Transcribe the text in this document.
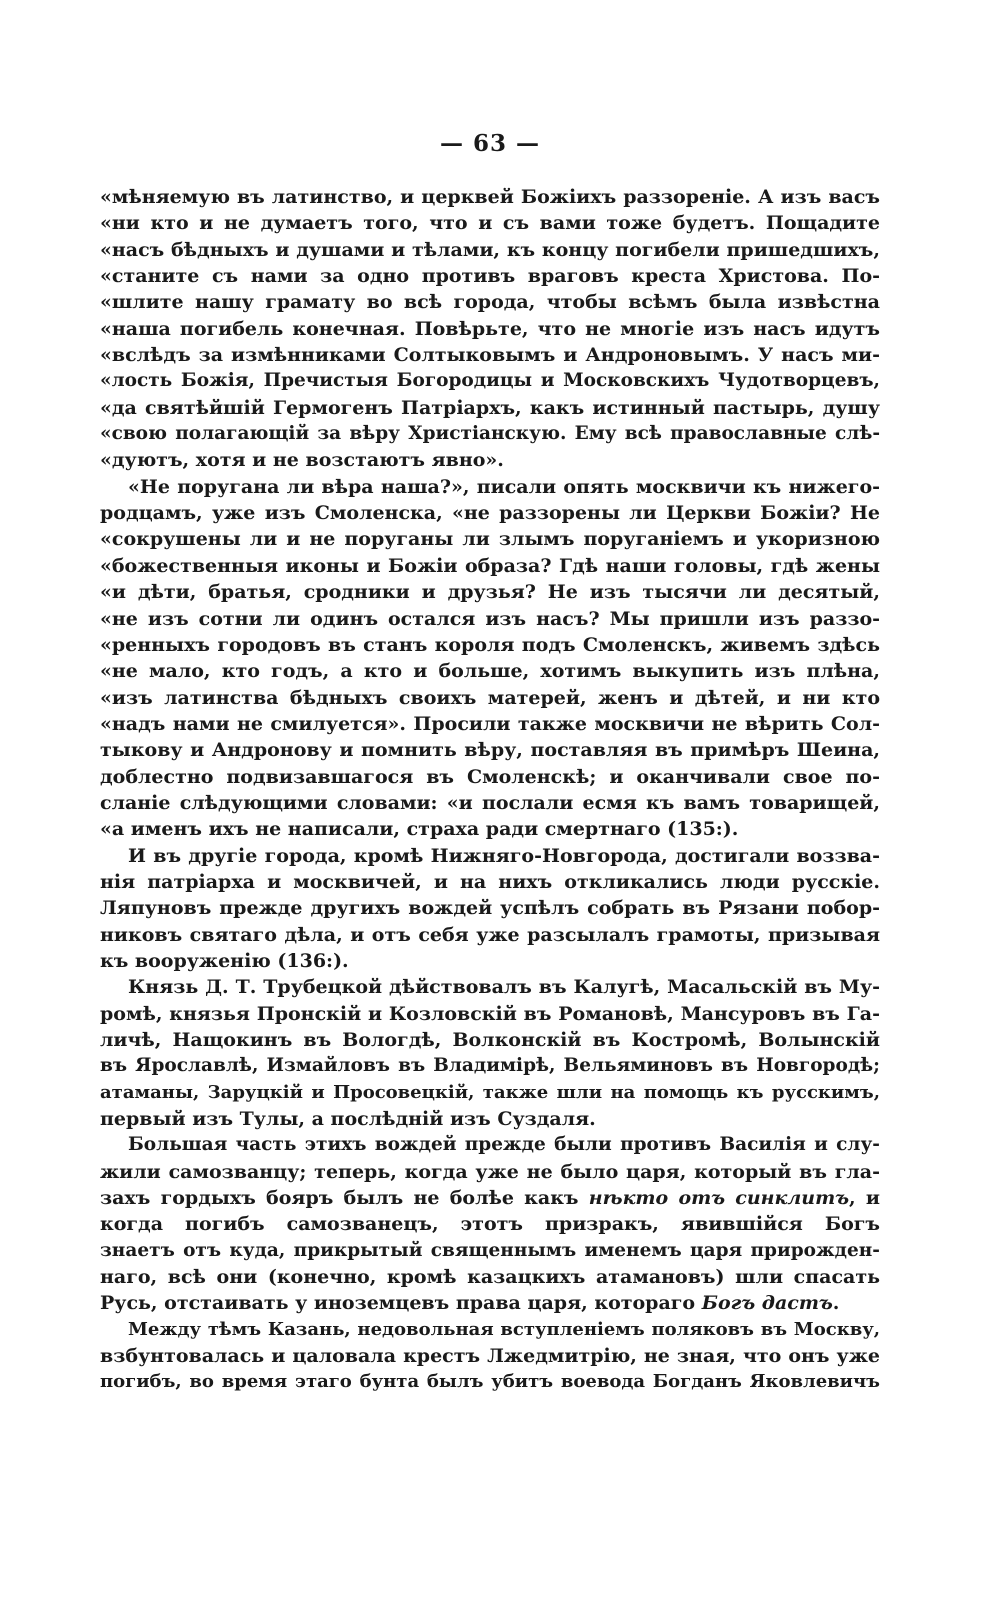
— 63 —
«мѣняемую въ латинство, и церквей Божіихъ раззореніе. А изъ васъ
«ни кто и не думаетъ того, что и съ вами тоже будетъ. Пощадите
«насъ бѣдныхъ и душами и тѣлами, къ концу погибели пришедшихъ,
«станите съ нами за одно противъ враговъ креста Христова. По-
«шлите нашу грамату во всѣ города, чтобы всѣмъ была извѣстна
«наша погибель конечная. Повѣрьте, что не многіе изъ насъ идутъ
«вслѣдъ за измѣнниками Солтыковымъ и Андроновымъ. У насъ ми-
«лость Божія, Пречистыя Богородицы и Московскихъ Чудотворцевъ,
«да святѣйшій Гермогенъ Патріархъ, какъ истинный пастырь, душу
«свою полагающій за вѣру Христіанскую. Ему всѣ православные слѣ-
«дуютъ, хотя и не возстаютъ явно».
«Не поругана ли вѣра наша?», писали опять москвичи къ нижего-
родцамъ, уже изъ Смоленска, «не раззорены ли Церкви Божіи? Не
«сокрушены ли и не поруганы ли злымъ поруганіемъ и укоризною
«божественныя иконы и Божіи образа? Гдѣ наши головы, гдѣ жены
«и дѣти, братья, сродники и друзья? Не изъ тысячи ли десятый,
«не изъ сотни ли одинъ остался изъ насъ? Мы пришли изъ раззо-
«ренныхъ городовъ въ станъ короля подъ Смоленскъ, живемъ здѣсь
«не мало, кто годъ, а кто и больше, хотимъ выкупить изъ плѣна,
«изъ латинства бѣдныхъ своихъ матерей, женъ и дѣтей, и ни кто
«надъ нами не смилуется». Просили также москвичи не вѣрить Сол-
тыкову и Андронову и помнить вѣру, поставляя въ примѣръ Шеина,
доблестно подвизавшагося въ Смоленскѣ; и оканчивали свое по-
сланіе слѣдующими словами: «и послали есмя къ вамъ товарищей,
«а именъ ихъ не написали, страха ради смертнаго (135:).
И въ другіе города, кромѣ Нижняго-Новгорода, достигали воззва-
нія патріарха и москвичей, и на нихъ откликались люди русскіе.
Ляпуновъ прежде другихъ вождей успѣлъ собрать въ Рязани побор-
никовъ святаго дѣла, и отъ себя уже разсылалъ грамоты, призывая
къ вооруженію (136:).
Князь Д. Т. Трубецкой дѣйствовалъ въ Калугѣ, Масальскій въ Му-
ромѣ, князья Пронскій и Козловскій въ Романовѣ, Мансуровъ въ Га-
личѣ, Нащокинъ въ Вологдѣ, Волконскій въ Костромѣ, Волынскій
въ Ярославлѣ, Измайловъ въ Владимірѣ, Вельяминовъ въ Новгородѣ;
атаманы, Заруцкій и Просовецкій, также шли на помощь къ русскимъ,
первый изъ Тулы, а послѣдній изъ Суздаля.
Большая часть этихъ вождей прежде были противъ Василія и слу-
жили самозванцу; теперь, когда уже не было царя, который въ гла-
захъ гордыхъ бояръ былъ не болѣе какъ нѣкто отъ синклитъ, и
когда погибъ самозванецъ, этотъ призракъ, явившійся Богъ
знаетъ отъ куда, прикрытый священнымъ именемъ царя прирожден-
наго, всѣ они (конечно, кромѣ казацкихъ атамановъ) шли спасать
Русь, отстаивать у иноземцевъ права царя, котораго Богъ дастъ.
Между тѣмъ Казань, недовольная вступленіемъ поляковъ въ Москву,
взбунтовалась и цаловала крестъ Лжедмитрію, не зная, что онъ уже
погибъ, во время этаго бунта былъ убитъ воевода Богданъ Яковлевичъ
